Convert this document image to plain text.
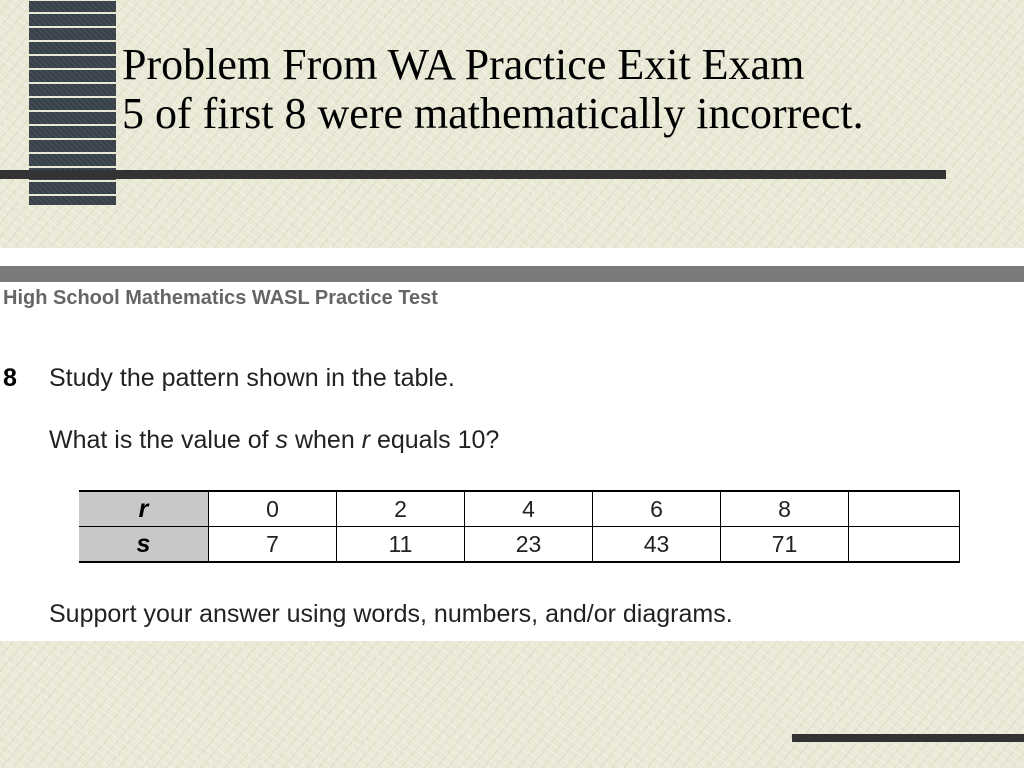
Problem From WA Practice Exit Exam
5 of first 8 were mathematically incorrect.
High School Mathematics WASL Practice Test
8 Study the pattern shown in the table.
What is the value of s when r equals 10?
r	0	2	4	6	8	
s	7	11	23	43	71	
Support your answer using words, numbers, and/or diagrams.
